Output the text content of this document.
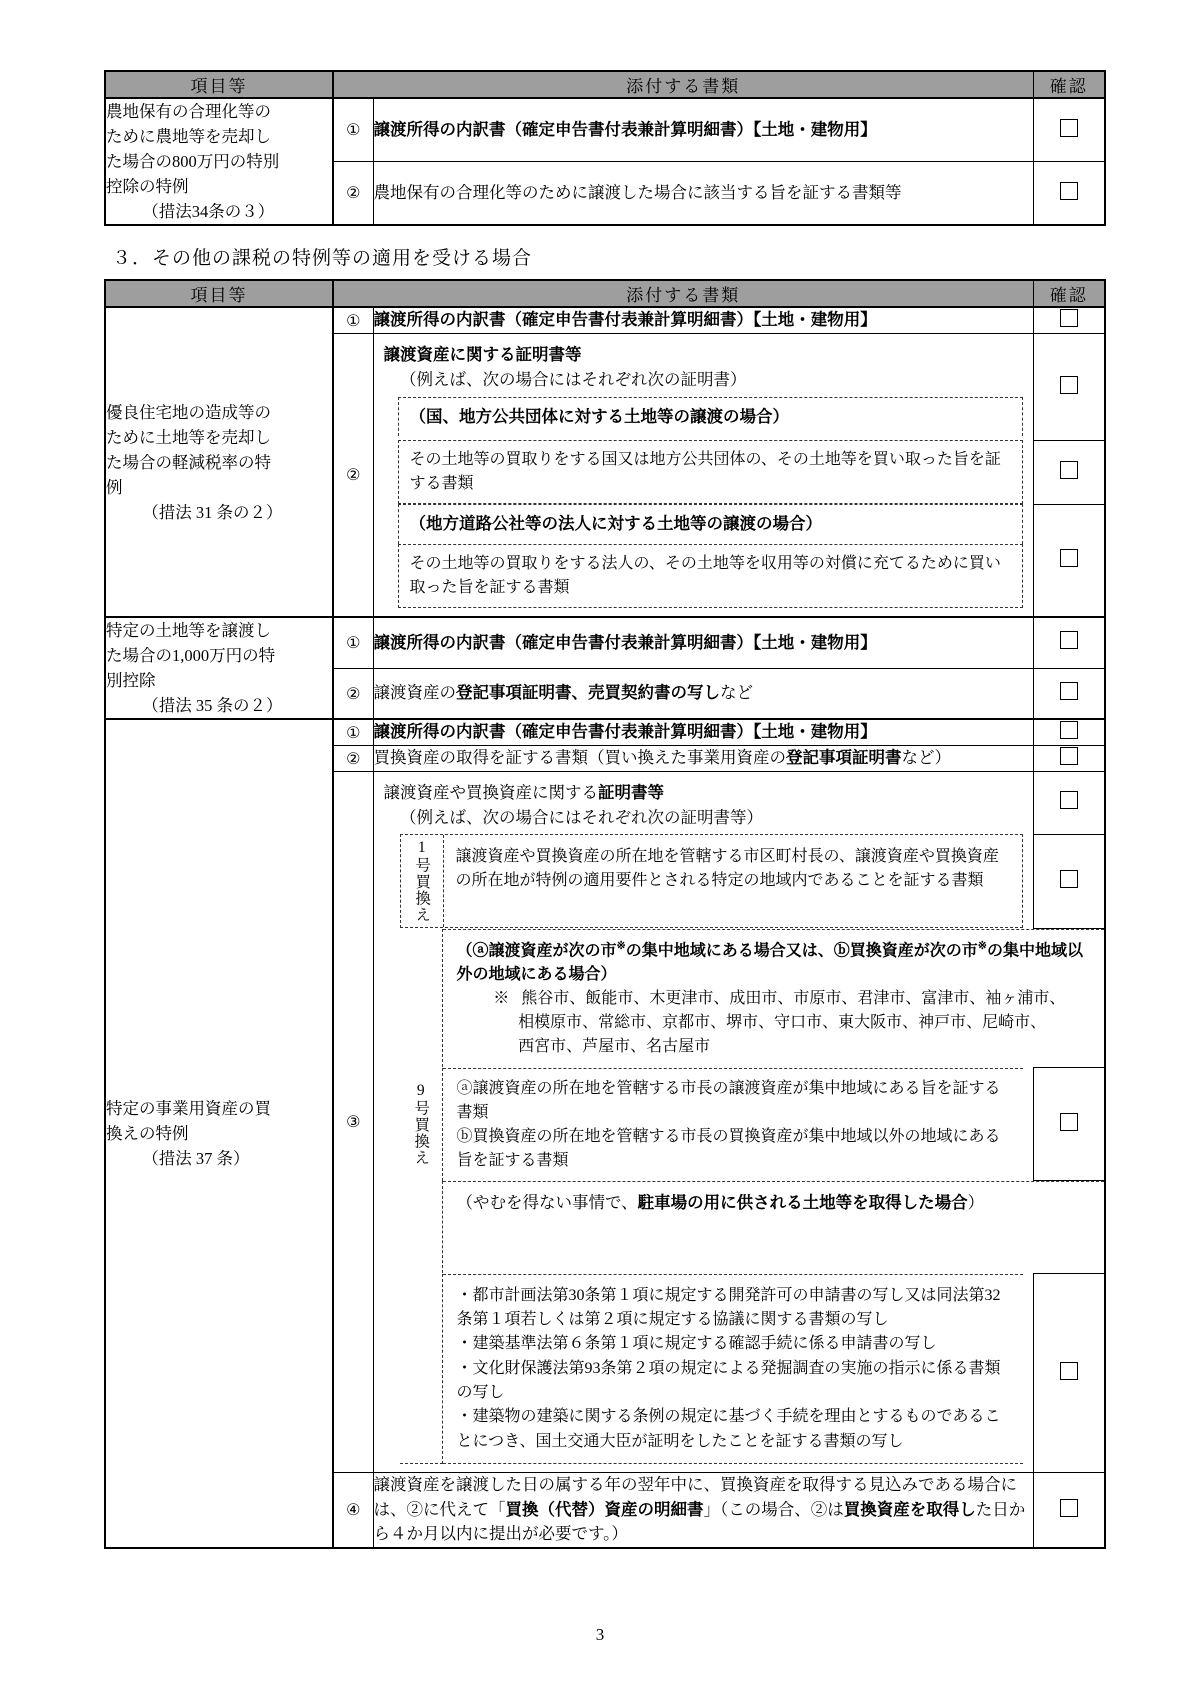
項目等	添付する書類		確認
農地保有の合理化等の
ために農地等を売却し
た場合の800万円の特別
控除の特例

（措法34条の３）	①	譲渡所得の内訳書（確定申告書付表兼計算明細書）【土地・建物用】	
	②	農地保有の合理化等のために譲渡した場合に該当する旨を証する書類等	
３．その他の課税の特例等の適用を受ける場合
項目等	添付する書類		確認
優良住宅地の造成等の
ために土地等を売却し
た場合の軽減税率の特
例

（措法 31 条の２）	①	譲渡所得の内訳書（確定申告書付表兼計算明細書）【土地・建物用】	
	②	譲渡資産に関する証明書等
（例えば、次の場合にはそれぞれ次の証明書）	

		（国、地方公共団体に対する土地等の譲渡の場合）	

		その土地等の買取りをする国又は地方公共団体の、その土地等を買い取った旨を証する書類	

		（地方道路公社等の法人に対する土地等の譲渡の場合）
その土地等の買取りをする法人の、その土地等を収用等の対償に充てるために買い取った旨を証する書類	

特定の土地等を譲渡し
た場合の1,000万円の特
別控除

（措法 35 条の２）	①	譲渡所得の内訳書（確定申告書付表兼計算明細書）【土地・建物用】	
	②	譲渡資産の登記事項証明書、売買契約書の写しなど	
特定の事業用資産の買
換えの特例

（措法 37 条）	①	譲渡所得の内訳書（確定申告書付表兼計算明細書）【土地・建物用】	
	②	買換資産の取得を証する書類（買い換えた事業用資産の登記事項証明書など）	
	③	譲渡資産や買換資産に関する証明書等
（例えば、次の場合にはそれぞれ次の証明書等）	

		1号買換え 譲渡資産や買換資産の所在地を管轄する市区町村長の、譲渡資産や買換資産の所在地が特例の適用要件とされる特定の地域内であることを証する書類	

		（ⓐ譲渡資産が次の市※の集中地域にある場合又は、ⓑ買換資産が次の市※の集中地域以外の地域にある場合）
※ 熊谷市、飯能市、木更津市、成田市、市原市、君津市、富津市、袖ヶ浦市、
相模原市、常総市、京都市、堺市、守口市、東大阪市、神戸市、尼崎市、
西宮市、芦屋市、名古屋市	

		9号買換え ⓐ譲渡資産の所在地を管轄する市長の譲渡資産が集中地域にある旨を証する書類
ⓑ買換資産の所在地を管轄する市長の買換資産が集中地域以外の地域にある旨を証する書類	

		（やむを得ない事情で、駐車場の用に供される土地等を取得した場合）	

		・都市計画法第30条第１項に規定する開発許可の申請書の写し又は同法第32条第１項若しくは第２項に規定する協議に関する書類の写し
・建築基準法第６条第１項に規定する確認手続に係る申請書の写し
・文化財保護法第93条第２項の規定による発掘調査の実施の指示に係る書類の写し
・建築物の建築に関する条例の規定に基づく手続を理由とするものであることにつき、国土交通大臣が証明をしたことを証する書類の写し	

	④	譲渡資産を譲渡した日の属する年の翌年中に、買換資産を取得する見込みである場合には、②に代えて「買換（代替）資産の明細書」（この場合、②は買換資産を取得した日から４か月以内に提出が必要です。）	
3
